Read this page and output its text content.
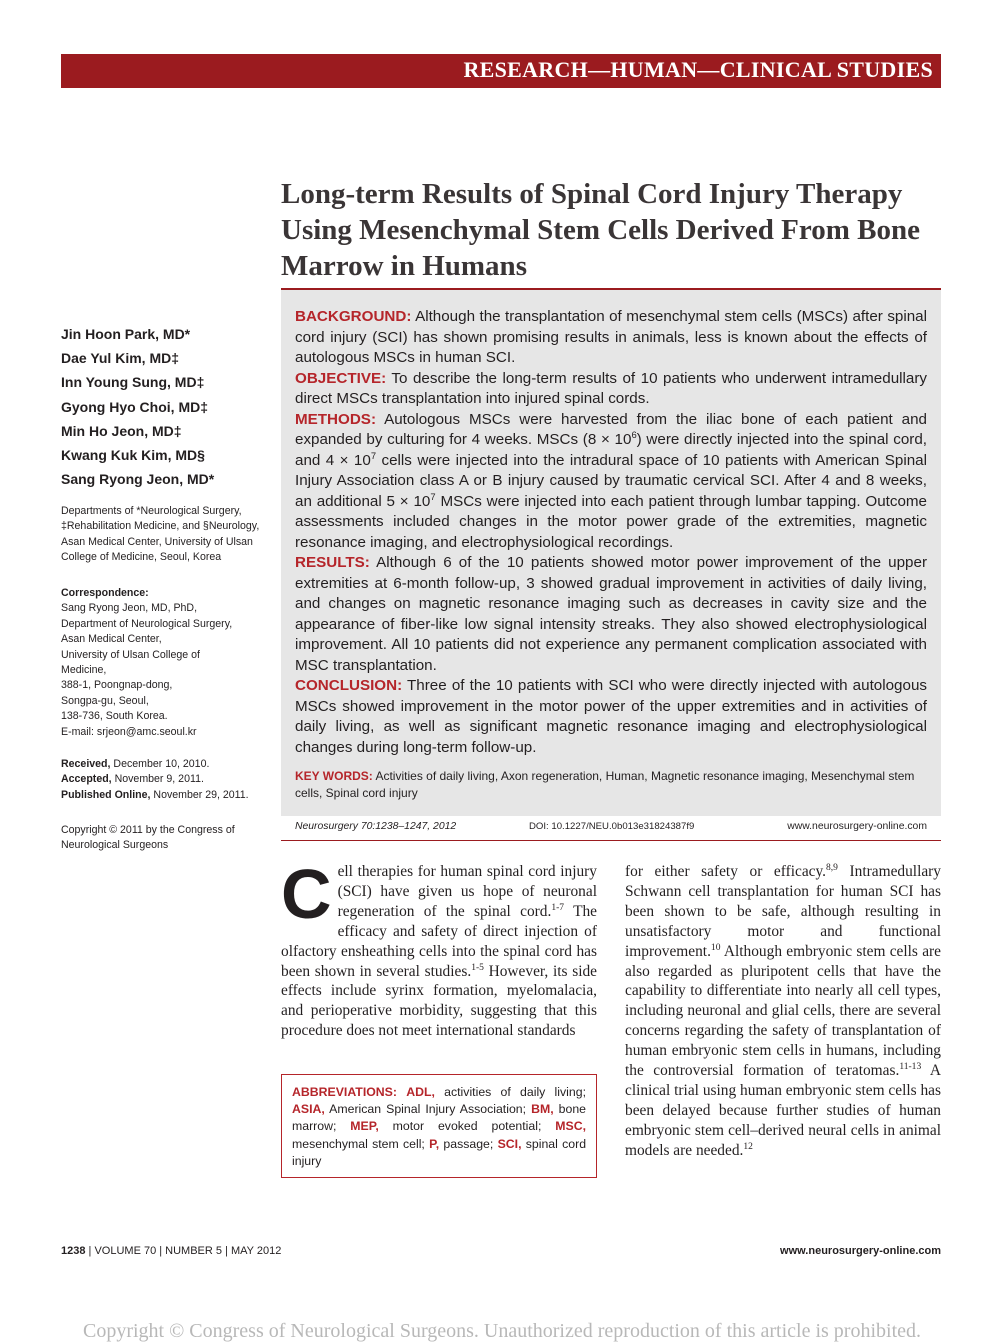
RESEARCH—HUMAN—CLINICAL STUDIES
Long-term Results of Spinal Cord Injury Therapy Using Mesenchymal Stem Cells Derived From Bone Marrow in Humans
Jin Hoon Park, MD*
Dae Yul Kim, MD‡
Inn Young Sung, MD‡
Gyong Hyo Choi, MD‡
Min Ho Jeon, MD‡
Kwang Kuk Kim, MD§
Sang Ryong Jeon, MD*
Departments of *Neurological Surgery, ‡Rehabilitation Medicine, and §Neurology, Asan Medical Center, University of Ulsan College of Medicine, Seoul, Korea
Correspondence:
Sang Ryong Jeon, MD, PhD,
Department of Neurological Surgery,
Asan Medical Center,
University of Ulsan College of
Medicine,
388-1, Poongnap-dong,
Songpa-gu, Seoul,
138-736, South Korea.
E-mail: srjeon@amc.seoul.kr
Received, December 10, 2010.
Accepted, November 9, 2011.
Published Online, November 29, 2011.
Copyright © 2011 by the Congress of Neurological Surgeons

BACKGROUND: Although the transplantation of mesenchymal stem cells (MSCs) after spinal cord injury (SCI) has shown promising results in animals, less is known about the effects of autologous MSCs in human SCI.

OBJECTIVE: To describe the long-term results of 10 patients who underwent intramedullary direct MSCs transplantation into injured spinal cords.

METHODS: Autologous MSCs were harvested from the iliac bone of each patient and expanded by culturing for 4 weeks. MSCs $(8 \times 10^6)$ were directly injected into the spinal cord, and $4 \times 10^7$ cells were injected into the intradural space of 10 patients with American Spinal Injury Association class A or B injury caused by traumatic cervical SCI. After 4 and 8 weeks, an additional $5 \times 10^7$ MSCs were injected into each patient through lumbar tapping. Outcome assessments included changes in the motor power grade of the extremities, magnetic resonance imaging, and electrophysiological recordings.

RESULTS: Although 6 of the 10 patients showed motor power improvement of the upper extremities at 6-month follow-up, 3 showed gradual improvement in activities of daily living, and changes on magnetic resonance imaging such as decreases in cavity size and the appearance of fiber-like low signal intensity streaks. They also showed electrophysiological improvement. All 10 patients did not experience any permanent complication associated with MSC transplantation.

CONCLUSION: Three of the 10 patients with SCI who were directly injected with autologous MSCs showed improvement in the motor power of the upper extremities and in activities of daily living, as well as significant magnetic resonance imaging and electrophysiological changes during long-term follow-up.

KEY WORDS: Activities of daily living, Axon regeneration, Human, Magnetic resonance imaging, Mesenchymal stem cells, Spinal cord injury
Neurosurgery 70:1238–1247, 2012	DOI: 10.1227/NEU.0b013e31824387f9	www.neurosurgery-online.com

Cell therapies for human spinal cord injury (SCI) have given us hope of neuronal regeneration of the spinal cord.$^{1-7}$ The efficacy and safety of direct injection of olfactory ensheathing cells into the spinal cord has been shown in several studies.$^{1-5}$ However, its side effects include syrinx formation, myelomalacia, and perioperative morbidity, suggesting that this procedure does not meet international standards

ABBREVIATIONS: ADL, activities of daily living; ASIA, American Spinal Injury Association; BM, bone marrow; MEP, motor evoked potential; MSC, mesenchymal stem cell; P, passage; SCI, spinal cord injury

for either safety or efficacy.$^{8,9}$ Intramedullary Schwann cell transplantation for human SCI has been shown to be safe, although resulting in unsatisfactory motor and functional improvement.$^{10}$ Although embryonic stem cells are also regarded as pluripotent cells that have the capability to differentiate into nearly all cell types, including neuronal and glial cells, there are several concerns regarding the safety of transplantation of human embryonic stem cells in humans, including the controversial formation of teratomas.$^{11-13}$ A clinical trial using human embryonic stem cells has been delayed because further studies of human embryonic stem cell–derived neural cells in animal models are needed.$^{12}$

1238 | VOLUME 70 | NUMBER 5 | MAY 2012	www.neurosurgery-online.com
Copyright © Congress of Neurological Surgeons. Unauthorized reproduction of this article is prohibited.
